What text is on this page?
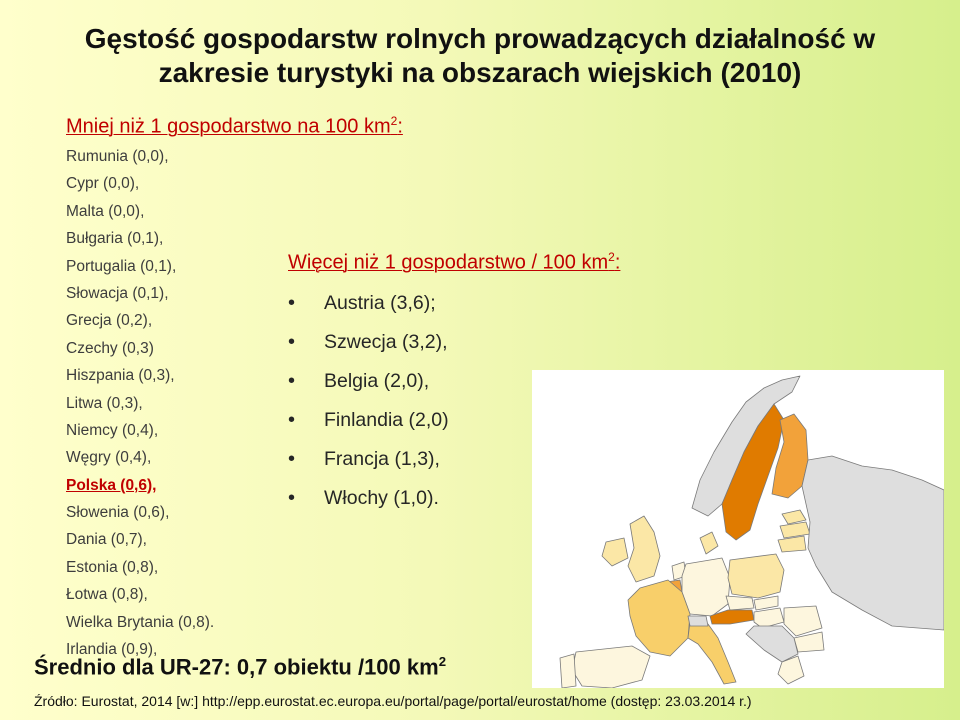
Gęstość gospodarstw rolnych prowadzących działalność w
zakresie turystyki na obszarach wiejskich (2010)
Mniej niż 1 gospodarstwo na 100 $km^2$:
Rumunia (0,0),
Cypr (0,0),
Malta (0,0),
Bułgaria (0,1),
Portugalia (0,1),
Słowacja (0,1),
Grecja (0,2),
Czechy (0,3)
Hiszpania (0,3),
Litwa (0,3),
Niemcy (0,4),
Węgry (0,4),
Polska (0,6),
Słowenia (0,6),
Dania (0,7),
Estonia (0,8),
Łotwa (0,8),
Wielka Brytania (0,8).
Irlandia (0,9),
Więcej niż 1 gospodarstwo / 100 $km^2$:
• Austria (3,6);
• Szwecja (3,2),
• Belgia (2,0),
• Finlandia (2,0)
• Francja (1,3),
• Włochy (1,0).
Średnio dla UR-27: 0,7 obiektu /100 $km^2$
Źródło: Eurostat, 2014 [w:] http://epp.eurostat.ec.europa.eu/portal/page/portal/eurostat/home (dostęp: 23.03.2014 r.)
